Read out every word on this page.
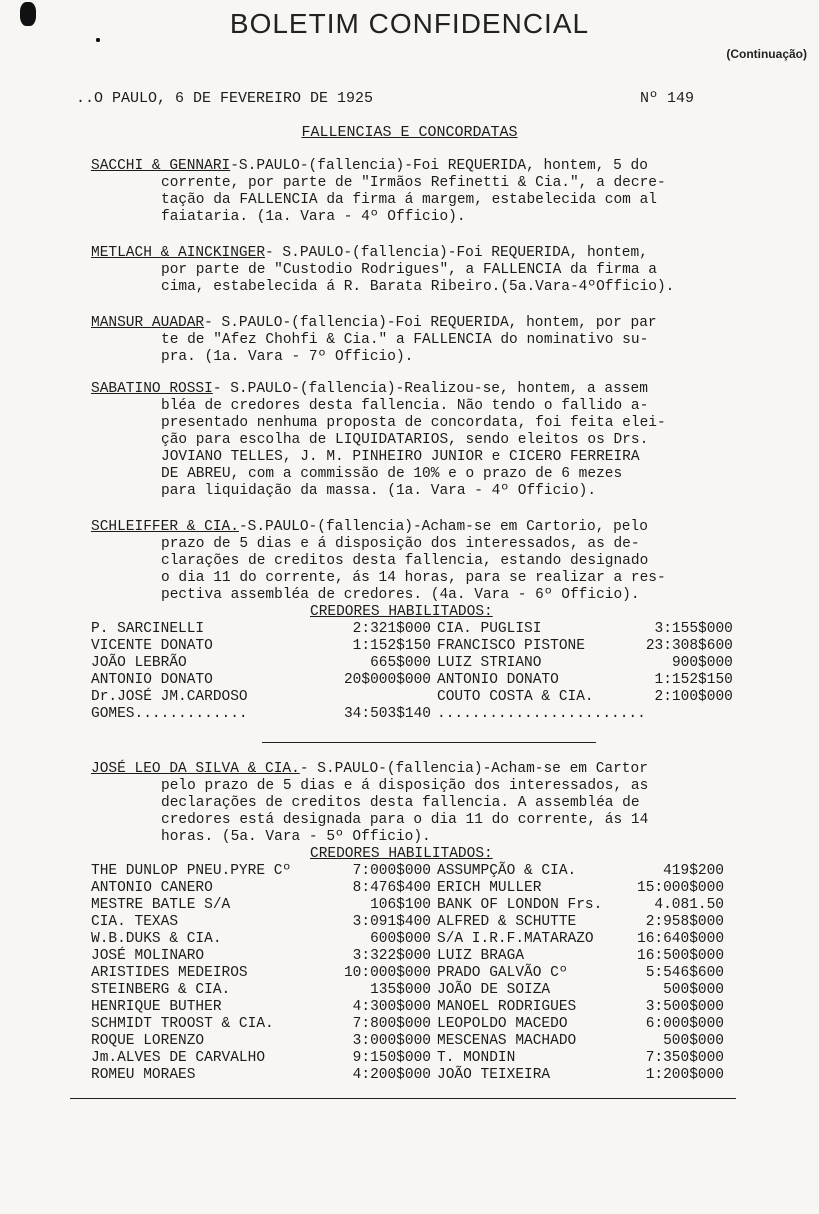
BOLETIM CONFIDENCIAL
(Continuação)
..O PAULO, 6 DE FEVEREIRO DE 1925	Nº 149
FALLENCIAS E CONCORDATAS
SACCHI & GENNARI-S.PAULO-(fallencia)-Foi REQUERIDA, hontem, 5 do

corrente, por parte de "Irmãos Refinetti & Cia.", a decre-
tação da FALLENCIA da firma á margem, estabelecida com al
faiataria. (1a. Vara - 4º Officio).
METLACH & AINCKINGER- S.PAULO-(fallencia)-Foi REQUERIDA, hontem,

por parte de "Custodio Rodrigues", a FALLENCIA da firma a
cima, estabelecida á R. Barata Ribeiro.(5a.Vara-4ºOfficio).
MANSUR AUADAR- S.PAULO-(fallencia)-Foi REQUERIDA, hontem, por par

te de "Afez Chohfi & Cia." a FALLENCIA do nominativo su-
pra. (1a. Vara - 7º Officio).
SABATINO ROSSI- S.PAULO-(fallencia)-Realizou-se, hontem, a assem

bléa de credores desta fallencia. Não tendo o fallido a-
presentado nenhuma proposta de concordata, foi feita elei-
ção para escolha de LIQUIDATARIOS, sendo eleitos os Drs.
JOVIANO TELLES, J. M. PINHEIRO JUNIOR e CICERO FERREIRA
DE ABREU, com a commissão de 10% e o prazo de 6 mezes
para liquidação da massa. (1a. Vara - 4º Officio).
SCHLEIFFER & CIA.-S.PAULO-(fallencia)-Acham-se em Cartorio, pelo

prazo de 5 dias e á disposição dos interessados, as de-
clarações de creditos desta fallencia, estando designado
o dia 11 do corrente, ás 14 horas, para se realizar a res-
pectiva assembléa de credores. (4a. Vara - 6º Officio).
CREDORES HABILITADOS:
P. SARCINELLI	2:321$000	CIA. PUGLISI	3:155$000
VICENTE DONATO	1:152$150	FRANCISCO PISTONE	23:308$600
JOÃO LEBRÃO	665$000	LUIZ STRIANO	900$000
ANTONIO DONATO	20$000$000	ANTONIO DONATO	1:152$150
Dr.JOSÉ JM.CARDOSO		COUTO COSTA & CIA.	2:100$000
GOMES.............	34:503$140	........................	
JOSÉ LEO DA SILVA & CIA.- S.PAULO-(fallencia)-Acham-se em Cartor

pelo prazo de 5 dias e á disposição dos interessados, as
declarações de creditos desta fallencia. A assembléa de
credores está designada para o dia 11 do corrente, ás 14
horas. (5a. Vara - 5º Officio).
CREDORES HABILITADOS:
THE DUNLOP PNEU.PYRE Cº	7:000$000	ASSUMPÇÃO & CIA.	419$200
ANTONIO CANERO	8:476$400	ERICH MULLER	15:000$000
MESTRE BATLE S/A	106$100	BANK OF LONDON Frs.	4.081.50
CIA. TEXAS	3:091$400	ALFRED & SCHUTTE	2:958$000
W.B.DUKS & CIA.	600$000	S/A I.R.F.MATARAZO	16:640$000
JOSÉ MOLINARO	3:322$000	LUIZ BRAGA	16:500$000
ARISTIDES MEDEIROS	10:000$000	PRADO GALVÃO Cº	5:546$600
STEINBERG & CIA.	135$000	JOÃO DE SOIZA	500$000
HENRIQUE BUTHER	4:300$000	MANOEL RODRIGUES	3:500$000
SCHMIDT TROOST & CIA.	7:800$000	LEOPOLDO MACEDO	6:000$000
ROQUE LORENZO	3:000$000	MESCENAS MACHADO	500$000
Jm.ALVES DE CARVALHO	9:150$000	T. MONDIN	7:350$000
ROMEU MORAES	4:200$000	JOÃO TEIXEIRA	1:200$000
